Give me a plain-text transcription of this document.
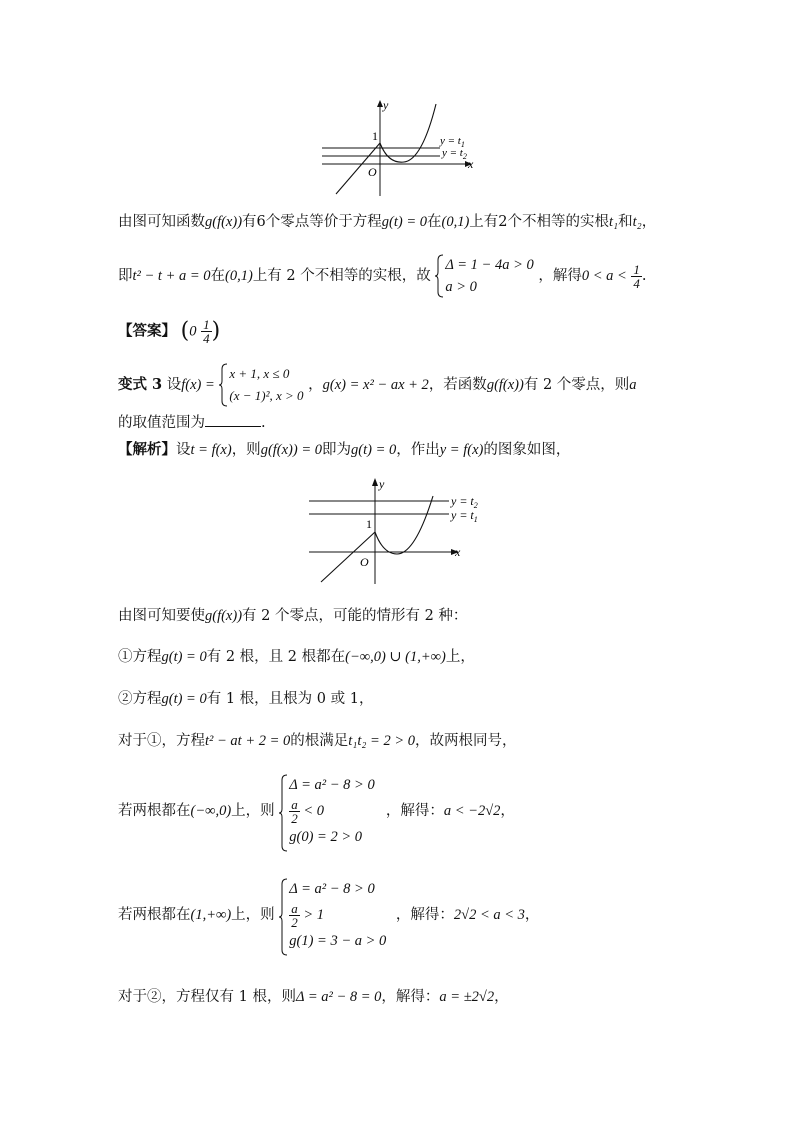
y
x
O
1	$y = t_1$
$y = t_2$
由图可知函数g(f(x))有6个零点等价于方程g(t) = 0在(0,1)上有2个不相等的实根t₁和t₂，
即t² − t + a = 0在(0,1)上有 2 个不相等的实根，故
Δ = 1 − 4a > 0
a > 0
，解得$0 < a < \frac{1}{4}$ .
【答案】 ($0 \frac{1}{4}$ )
变式 3 设f(x) =
x + 1, x ≤ 0
(x − 1)², x > 0
，g(x) = x² − ax + 2，若函数g(f(x))有 2 个零点，则a
的取值范围为	.
【解析】设t = f(x)，则g(f(x)) = 0即为g(t) = 0，作出y = f(x)的图象如图，
y
x
O
1
$y = t_2$
$y = t_1$
由图可知要使g(f(x))有 2 个零点，可能的情形有 2 种：
①方程g(t) = 0有 2 根，且 2 根都在(−∞,0) ∪ (1,+∞)上，
②方程g(t) = 0有 1 根，且根为 0 或 1，
对于①，方程t² − at + 2 = 0的根满足t₁t₂ = 2 > 0，故两根同号，
若两根都在(−∞,0)上，则
Δ = a² − 8 > 0
$\frac{a}{2} < 0$
g(0) = 2 > 0
，解得：a < −2√2，
若两根都在(1,+∞)上，则
Δ = a² − 8 > 0
$\frac{a}{2} > 1$
g(1) = 3 − a > 0
，解得：2√2 < a < 3，
对于②，方程仅有 1 根，则Δ = a² − 8 = 0，解得：a = ±2√2，
